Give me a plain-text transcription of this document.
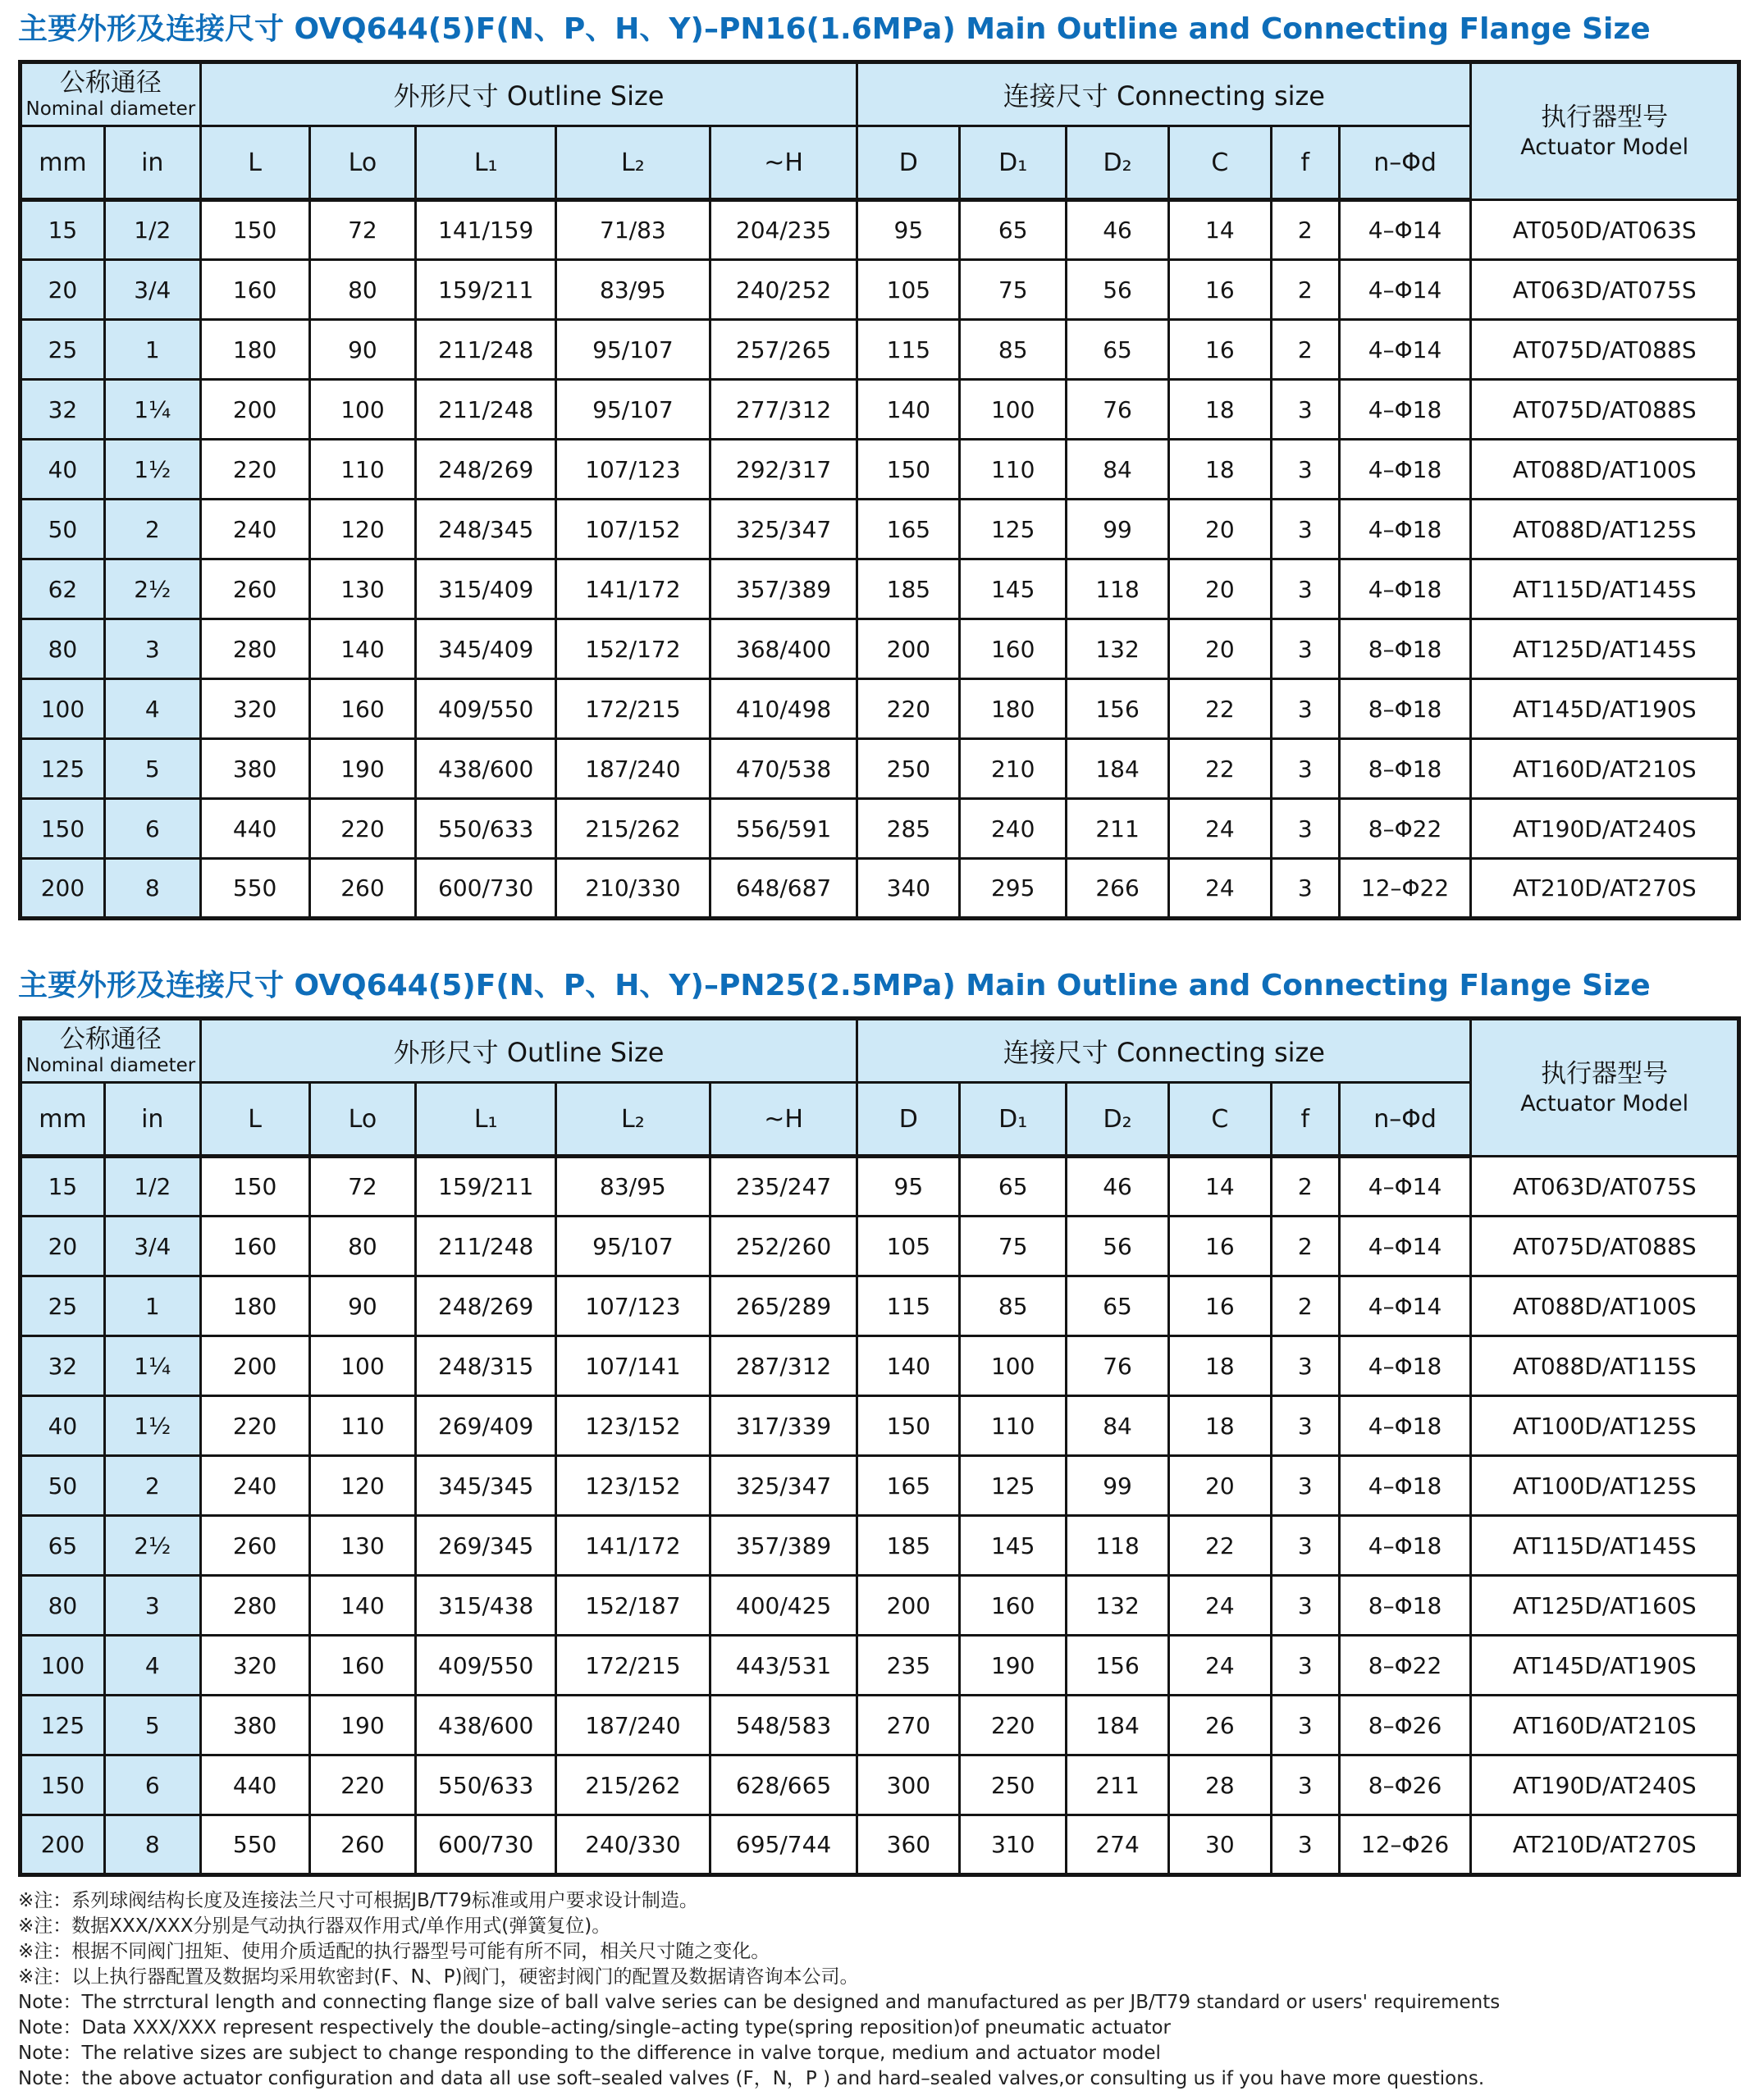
主要外形及连接尺寸 OVQ644(5)F(N、P、H、Y)–PN16(1.6MPa) Main Outline and Connecting Flange Size
公称通径
Nominal diameter		外形尺寸 Outline Size					连接尺寸 Connecting size						执行器型号
Actuator Model

mm	in	L	Lo	L₁	L₂	~H	D	D₁	D₂	C	f	n–Φd	
15	1/2	150	72	141/159	71/83	204/235	95	65	46	14	2	4–Φ14	AT050D/AT063S
20	3/4	160	80	159/211	83/95	240/252	105	75	56	16	2	4–Φ14	AT063D/AT075S
25	1	180	90	211/248	95/107	257/265	115	85	65	16	2	4–Φ14	AT075D/AT088S
32	1¼	200	100	211/248	95/107	277/312	140	100	76	18	3	4–Φ18	AT075D/AT088S
40	1½	220	110	248/269	107/123	292/317	150	110	84	18	3	4–Φ18	AT088D/AT100S
50	2	240	120	248/345	107/152	325/347	165	125	99	20	3	4–Φ18	AT088D/AT125S
62	2½	260	130	315/409	141/172	357/389	185	145	118	20	3	4–Φ18	AT115D/AT145S
80	3	280	140	345/409	152/172	368/400	200	160	132	20	3	8–Φ18	AT125D/AT145S
100	4	320	160	409/550	172/215	410/498	220	180	156	22	3	8–Φ18	AT145D/AT190S
125	5	380	190	438/600	187/240	470/538	250	210	184	22	3	8–Φ18	AT160D/AT210S
150	6	440	220	550/633	215/262	556/591	285	240	211	24	3	8–Φ22	AT190D/AT240S
200	8	550	260	600/730	210/330	648/687	340	295	266	24	3	12–Φ22	AT210D/AT270S
主要外形及连接尺寸 OVQ644(5)F(N、P、H、Y)–PN25(2.5MPa) Main Outline and Connecting Flange Size
公称通径
Nominal diameter		外形尺寸 Outline Size					连接尺寸 Connecting size						执行器型号
Actuator Model

mm	in	L	Lo	L₁	L₂	~H	D	D₁	D₂	C	f	n–Φd	
15	1/2	150	72	159/211	83/95	235/247	95	65	46	14	2	4–Φ14	AT063D/AT075S
20	3/4	160	80	211/248	95/107	252/260	105	75	56	16	2	4–Φ14	AT075D/AT088S
25	1	180	90	248/269	107/123	265/289	115	85	65	16	2	4–Φ14	AT088D/AT100S
32	1¼	200	100	248/315	107/141	287/312	140	100	76	18	3	4–Φ18	AT088D/AT115S
40	1½	220	110	269/409	123/152	317/339	150	110	84	18	3	4–Φ18	AT100D/AT125S
50	2	240	120	345/345	123/152	325/347	165	125	99	20	3	4–Φ18	AT100D/AT125S
65	2½	260	130	269/345	141/172	357/389	185	145	118	22	3	4–Φ18	AT115D/AT145S
80	3	280	140	315/438	152/187	400/425	200	160	132	24	3	8–Φ18	AT125D/AT160S
100	4	320	160	409/550	172/215	443/531	235	190	156	24	3	8–Φ22	AT145D/AT190S
125	5	380	190	438/600	187/240	548/583	270	220	184	26	3	8–Φ26	AT160D/AT210S
150	6	440	220	550/633	215/262	628/665	300	250	211	28	3	8–Φ26	AT190D/AT240S
200	8	550	260	600/730	240/330	695/744	360	310	274	30	3	12–Φ26	AT210D/AT270S
※注：系列球阀结构长度及连接法兰尺寸可根据JB/T79标准或用户要求设计制造。
※注：数据XXX/XXX分别是气动执行器双作用式/单作用式(弹簧复位)。
※注：根据不同阀门扭矩、使用介质适配的执行器型号可能有所不同，相关尺寸随之变化。
※注：以上执行器配置及数据均采用软密封(F、N、P)阀门，硬密封阀门的配置及数据请咨询本公司。
Note：The strrctural length and connecting flange size of ball valve series can be designed and manufactured as per JB/T79 standard or users' requirements
Note：Data XXX/XXX represent respectively the double–acting/single–acting type(spring reposition)of pneumatic actuator
Note：The relative sizes are subject to change responding to the difference in valve torque, medium and actuator model
Note：the above actuator configuration and data all use soft–sealed valves (F，N，P ) and hard–sealed valves,or consulting us if you have more questions.
